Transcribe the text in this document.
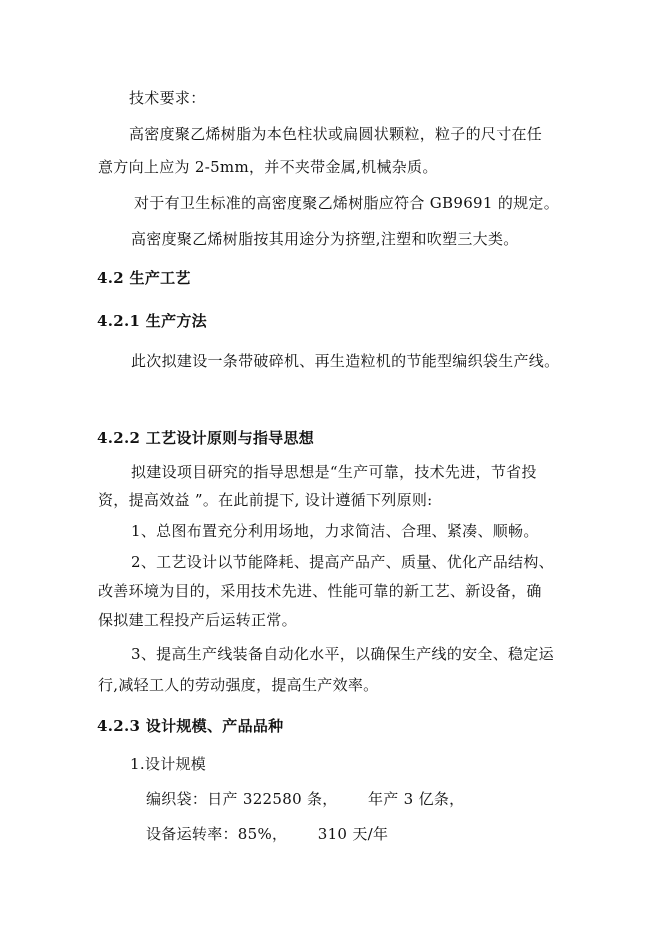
技术要求：
高密度聚乙烯树脂为本色柱状或扁圆状颗粒，粒子的尺寸在任
意方向上应为 2-5mm，并不夹带金属,机械杂质。
对于有卫生标准的高密度聚乙烯树脂应符合 GB9691 的规定。
高密度聚乙烯树脂按其用途分为挤塑,注塑和吹塑三大类。
4.2 生产工艺
4.2.1 生产方法
此次拟建设一条带破碎机、再生造粒机的节能型编织袋生产线。
4.2.2 工艺设计原则与指导思想
拟建设项目研究的指导思想是“生产可靠，技术先进，节省投
资，提高效益 ”。在此前提下, 设计遵循下列原则:
1、总图布置充分利用场地，力求简洁、合理、紧凑、顺畅。
2、工艺设计以节能降耗、提高产品产、质量、优化产品结构、
改善环境为目的，采用技术先进、性能可靠的新工艺、新设备，确
保拟建工程投产后运转正常。
3、提高生产线装备自动化水平，以确保生产线的安全、稳定运
行,减轻工人的劳动强度，提高生产效率。
4.2.3 设计规模、产品品种
1.设计规模
编织袋：日产 322580 条，      年产 3 亿条，
设备运转率：85%，      310 天/年
